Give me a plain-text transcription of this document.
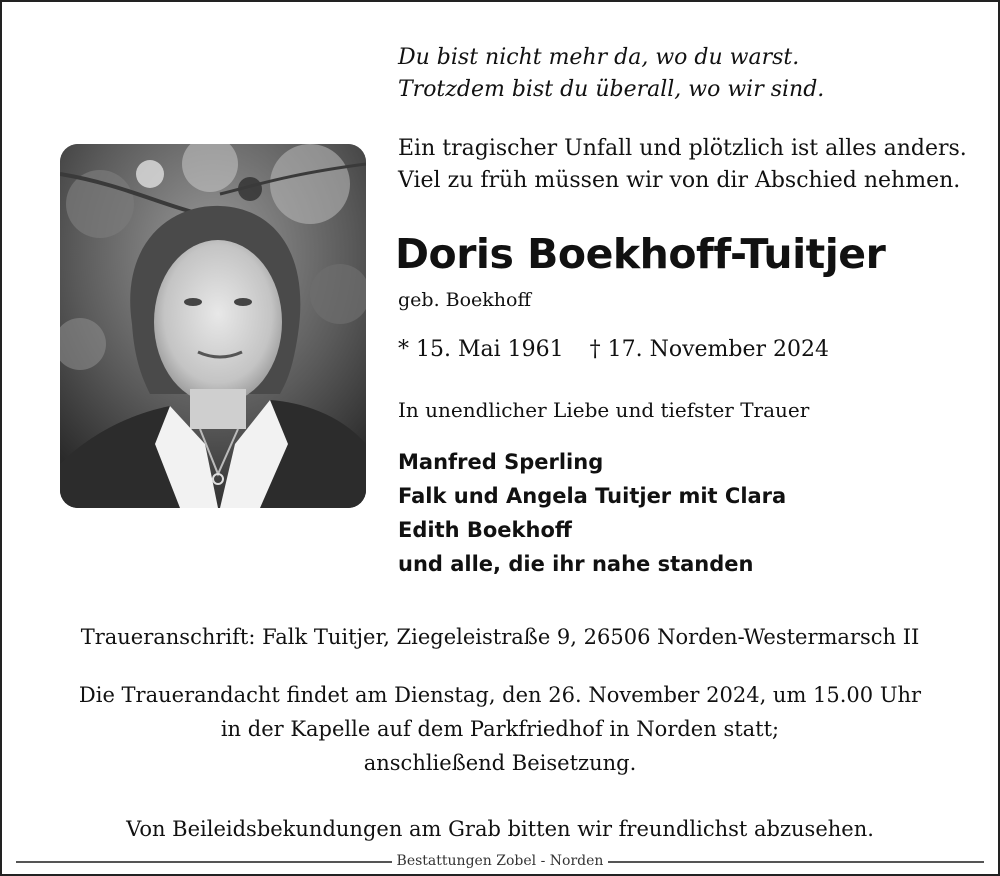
Du bist nicht mehr da, wo du warst.
Trotzdem bist du überall, wo wir sind.
Ein tragischer Unfall und plötzlich ist alles anders.
Viel zu früh müssen wir von dir Abschied nehmen.
Doris Boekhoff-Tuitjer
geb. Boekhoff
* 15. Mai 1961 † 17. November 2024
In unendlicher Liebe und tiefster Trauer
Manfred Sperling
Falk und Angela Tuitjer mit Clara
Edith Boekhoff
und alle, die ihr nahe standen
Traueranschrift: Falk Tuitjer, Ziegeleistraße 9, 26506 Norden-Westermarsch II
Die Trauerandacht findet am Dienstag, den 26. November 2024, um 15.00 Uhr
in der Kapelle auf dem Parkfriedhof in Norden statt;
anschließend Beisetzung.
Von Beileidsbekundungen am Grab bitten wir freundlichst abzusehen.
Bestattungen Zobel - Norden
